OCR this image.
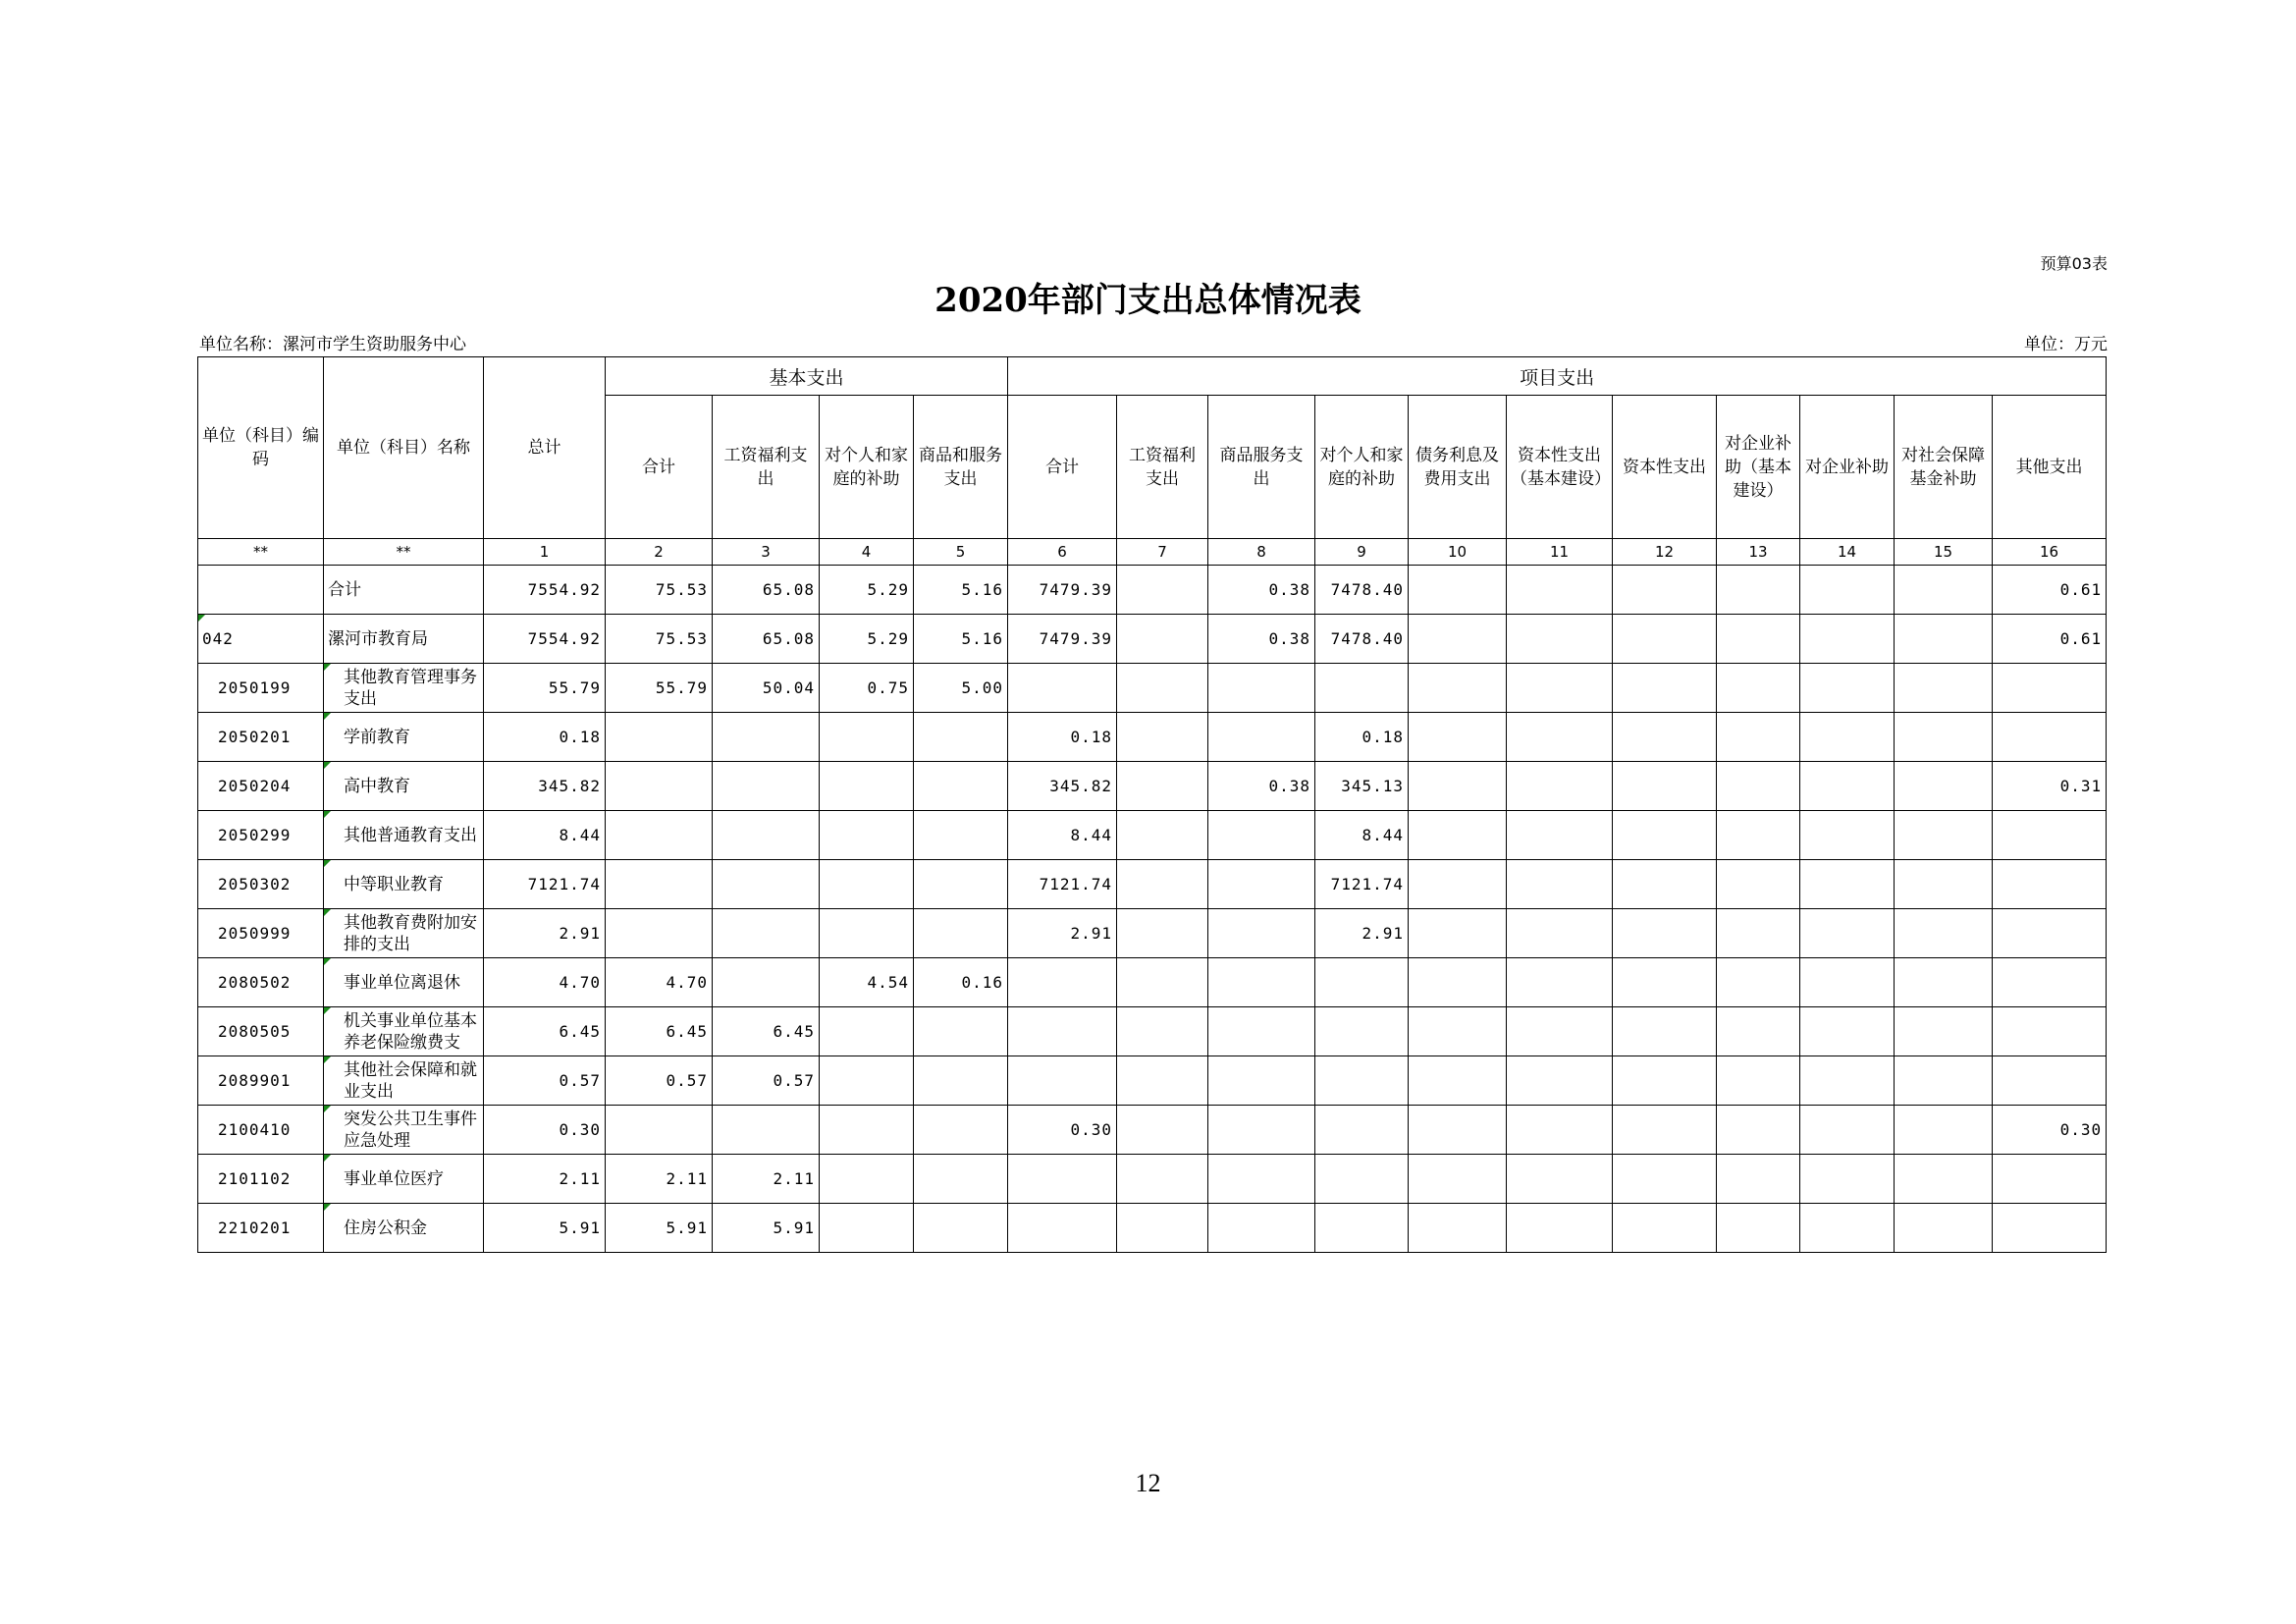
预算03表
2020年部门支出总体情况表
单位名称：漯河市学生资助服务中心	单位：万元
单位（科目）编码	单位（科目）名称	总计	基本支出				项目支出										
			合计	工资福利支出	对个人和家庭的补助	商品和服务支出	合计	工资福利支出	商品服务支出	对个人和家庭的补助	债务利息及费用支出	资本性支出（基本建设）	资本性支出	对企业补助（基本建设）	对企业补助	对社会保障基金补助	其他支出
**	**	1	2	3	4	5	6	7	8	9	10	11	12	13	14	15	16
	合计	7554.92	75.53	65.08	5.29	5.16	7479.39		0.38	7478.40							0.61
042	漯河市教育局	7554.92	75.53	65.08	5.29	5.16	7479.39		0.38	7478.40							0.61
2050199	其他教育管理事务支出	55.79	55.79	50.04	0.75	5.00											
2050201	学前教育	0.18					0.18			0.18							
2050204	高中教育	345.82					345.82		0.38	345.13							0.31
2050299	其他普通教育支出	8.44					8.44			8.44							
2050302	中等职业教育	7121.74					7121.74			7121.74							
2050999	其他教育费附加安排的支出	2.91					2.91			2.91							
2080502	事业单位离退休	4.70	4.70		4.54	0.16											
2080505	机关事业单位基本养老保险缴费支	6.45	6.45	6.45													
2089901	其他社会保障和就业支出	0.57	0.57	0.57													
2100410	突发公共卫生事件应急处理	0.30					0.30										0.30
2101102	事业单位医疗	2.11	2.11	2.11													
2210201	住房公积金	5.91	5.91	5.91													
12
